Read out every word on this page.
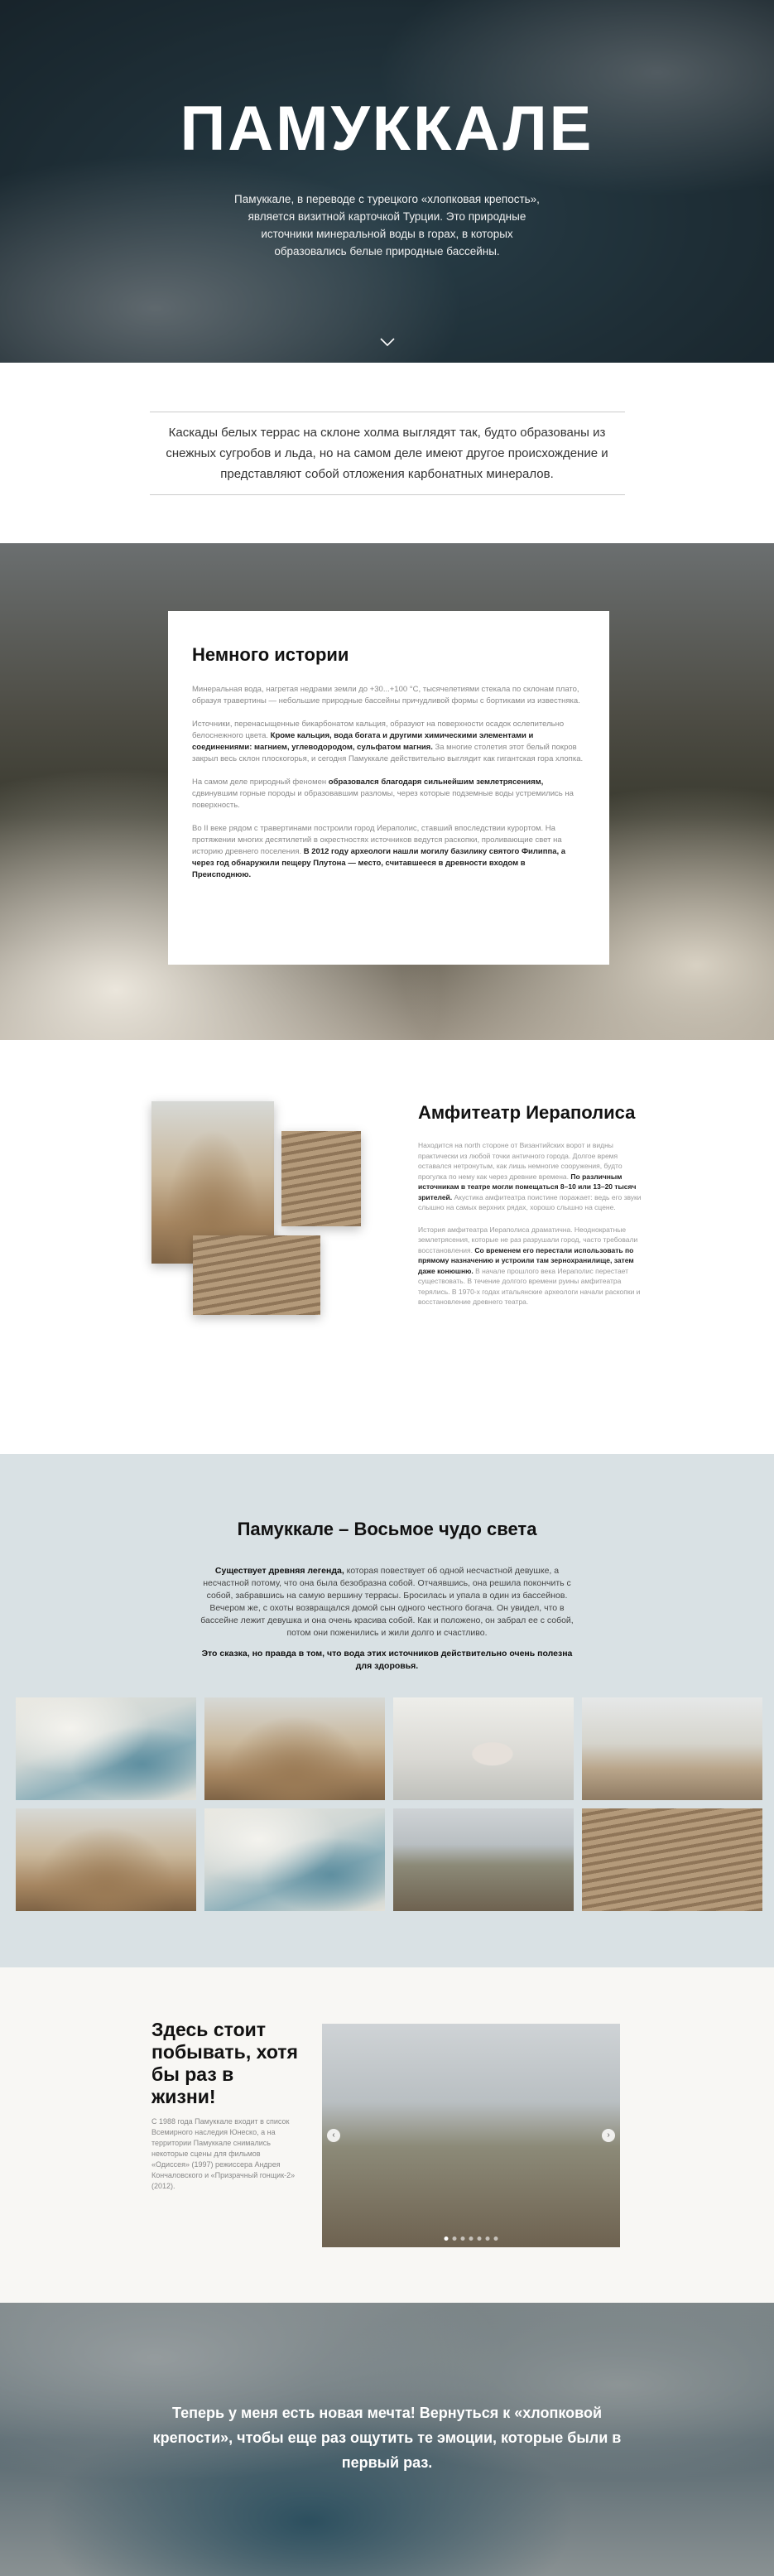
ПАМУККАЛЕ

Памуккале, в переводе с турецкого «хлопковая крепость», является визитной карточкой Турции. Это природные источники минеральной воды в горах, в которых образовались белые природные бассейны.

Каскады белых террас на склоне холма выглядят так, будто образованы из снежных сугробов и льда, но на самом деле имеют другое происхождение и представляют собой отложения карбонатных минералов.

Немного истории

Минеральная вода, нагретая недрами земли до +30...+100 °C, тысячелетиями стекала по склонам плато, образуя травертины — небольшие природные бассейны причудливой формы с бортиками из известняка.

Источники, перенасыщенные бикарбонатом кальция, образуют на поверхности осадок ослепительно белоснежного цвета. Кроме кальция, вода богата и другими химическими элементами и соединениями: магнием, углеводородом, сульфатом магния. За многие столетия этот белый покров закрыл весь склон плоскогорья, и сегодня Памуккале действительно выглядит как гигантская гора хлопка.

На самом деле природный феномен образовался благодаря сильнейшим землетрясениям, сдвинувшим горные породы и образовавшим разломы, через которые подземные воды устремились на поверхность.

Во II веке рядом с травертинами построили город Иераполис, ставший впоследствии курортом. На протяжении многих десятилетий в окрестностях источников ведутся раскопки, проливающие свет на историю древнего поселения. В 2012 году археологи нашли могилу базилику святого Филиппа, а через год обнаружили пещеру Плутона — место, считавшееся в древности входом в Преисподнюю.

Амфитеатр Иераполиса

Находится на north стороне от Византийских ворот и видны практически из любой точки античного города. Долгое время оставался нетронутым, как лишь немногие сооружения, будто прогулка по нему как через древние времена. По различным источникам в театре могли помещаться 8–10 или 13–20 тысяч зрителей. Акустика амфитеатра поистине поражает: ведь его звуки слышно на самых верхних рядах, хорошо слышно на сцене.

История амфитеатра Иераполиса драматична. Неоднократные землетрясения, которые не раз разрушали город, часто требовали восстановления. Со временем его перестали использовать по прямому назначению и устроили там зернохранилище, затем даже конюшню. В начале прошлого века Иераполис перестает существовать. В течение долгого времени руины амфитеатра терялись. В 1970-х годах итальянские археологи начали раскопки и восстановление древнего театра.

Памуккале – Восьмое чудо света

Существует древняя легенда, которая повествует об одной несчастной девушке, а несчастной потому, что она была безобразна собой. Отчаявшись, она решила покончить с собой, забравшись на самую вершину террасы. Бросилась и упала в один из бассейнов. Вечером же, с охоты возвращался домой сын одного честного богача. Он увидел, что в бассейне лежит девушка и она очень красива собой. Как и положено, он забрал ее с собой, потом они поженились и жили долго и счастливо.

Это сказка, но правда в том, что вода этих источников действительно очень полезна для здоровья.

Здесь стоит побывать, хотя бы раз в жизни!

С 1988 года Памуккале входит в список Всемирного наследия Юнеско, а на территории Памуккале снимались некоторые сцены для фильмов «Одиссея» (1997) режиссера Андрея Кончаловского и «Призрачный гонщик-2» (2012).

‹	›

Теперь у меня есть новая мечта! Вернуться к «хлопковой крепости», чтобы еще раз ощутить те эмоции, которые были в первый раз.
